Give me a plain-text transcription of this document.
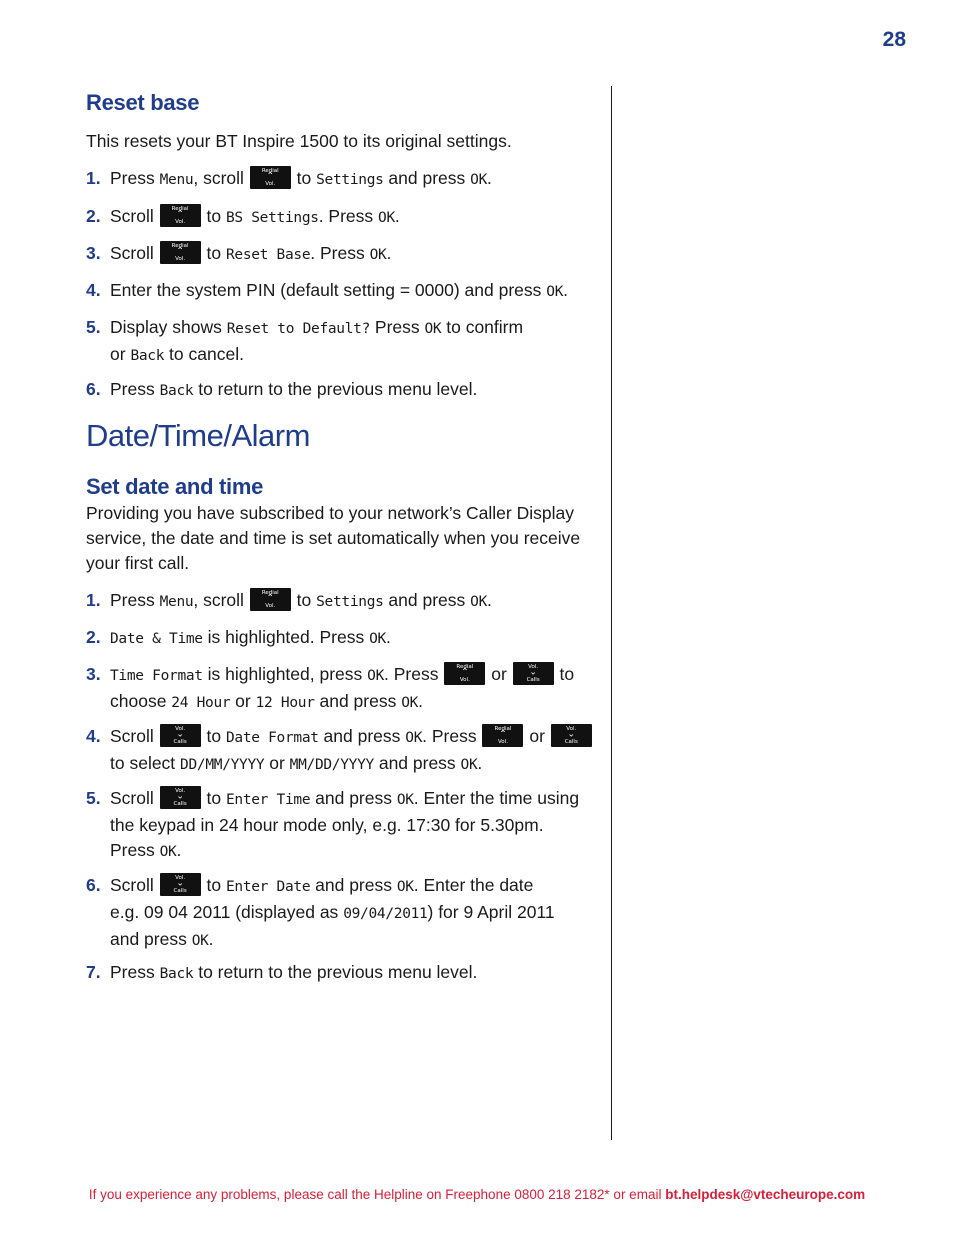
28
Reset base

This resets your BT Inspire 1500 to its original settings.

1. Press Menu, scroll	Redial
⌃
Vol. to Settings and press OK.
2. Scroll	Redial
⌃
Vol. to BS Settings. Press OK.
3. Scroll	Redial
⌃
Vol. to Reset Base. Press OK.
4. Enter the system PIN (default setting = 0000) and press OK.
5. Display shows Reset to Default? Press OK to confirm
or Back to cancel.
6. Press Back to return to the previous menu level.
Date/Time/Alarm
Set date and time

Providing you have subscribed to your network’s Caller Display service, the date and time is set automatically when you receive your first call.

1. Press Menu, scroll	Redial
⌃
Vol. to Settings and press OK.
2. Date & Time is highlighted. Press OK.
3. Time Format is highlighted, press OK. Press	Redial
⌃
Vol. or	Vol.
⌄
Calls to
choose 24 Hour or 12 Hour and press OK.
4. Scroll	Vol.
⌄
Calls to Date Format and press OK. Press	Redial
⌃
Vol. or	Vol.
⌄
Calls

to select DD/MM/YYYY or MM/DD/YYYY and press OK.
5. Scroll	Vol.
⌄
Calls to Enter Time and press OK. Enter the time using
the keypad in 24 hour mode only, e.g. 17:30 for 5.30pm.
Press OK.
6. Scroll	Vol.
⌄
Calls to Enter Date and press OK. Enter the date
e.g. 09 04 2011 (displayed as 09/04/2011) for 9 April 2011
and press OK.
7. Press Back to return to the previous menu level.
If you experience any problems, please call the Helpline on Freephone 0800 218 2182* or email bt.helpdesk@vtecheurope.com
